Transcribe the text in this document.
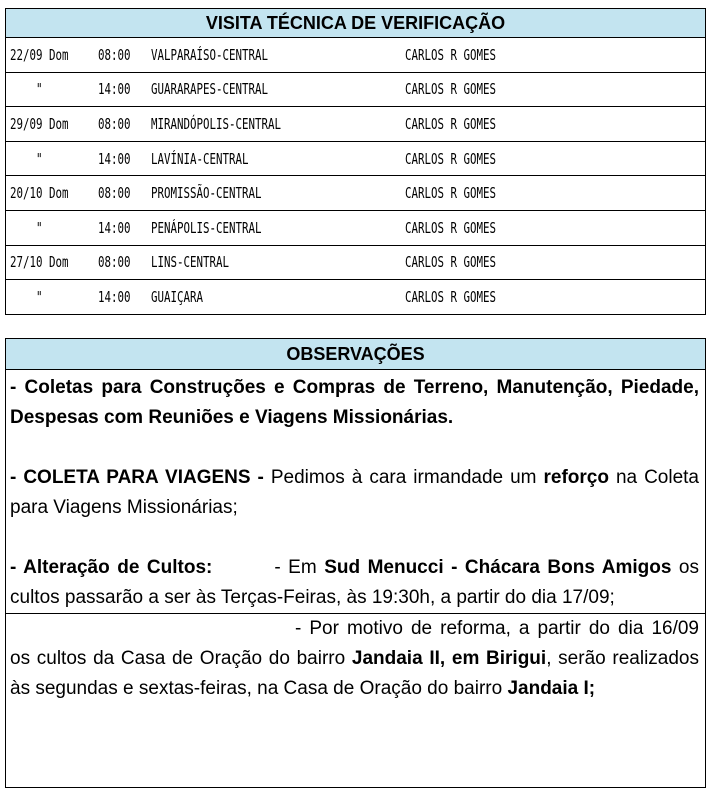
VISITA TÉCNICA DE VERIFICAÇÃO
22/09 Dom 08:00 VALPARAÍSO-CENTRAL	CARLOS R GOMES
"	14:00 GUARARAPES-CENTRAL	CARLOS R GOMES
29/09 Dom 08:00 MIRANDÓPOLIS-CENTRAL	CARLOS R GOMES
"	14:00 LAVÍNIA-CENTRAL	CARLOS R GOMES
20/10 Dom 08:00 PROMISSÃO-CENTRAL	CARLOS R GOMES
"	14:00 PENÁPOLIS-CENTRAL	CARLOS R GOMES
27/10 Dom 08:00 LINS-CENTRAL	CARLOS R GOMES
"	14:00 GUAIÇARA	CARLOS R GOMES
OBSERVAÇÕES

- Coletas para Construções e Compras de Terreno, Manutenção, Piedade, Despesas com Reuniões e Viagens Missionárias.

- COLETA PARA VIAGENS - Pedimos à cara irmandade um reforço na Coleta para Viagens Missionárias;

- Alteração de Cultos:	- Em Sud Menucci - Chácara Bons Amigos os cultos passarão a ser às Terças-Feiras, às 19:30h, a partir do dia 17/09;

- Por motivo de reforma, a partir do dia 16/09 os cultos da Casa de Oração do bairro Jandaia II, em Birigui, serão realizados às segundas e sextas-feiras, na Casa de Oração do bairro Jandaia I;
